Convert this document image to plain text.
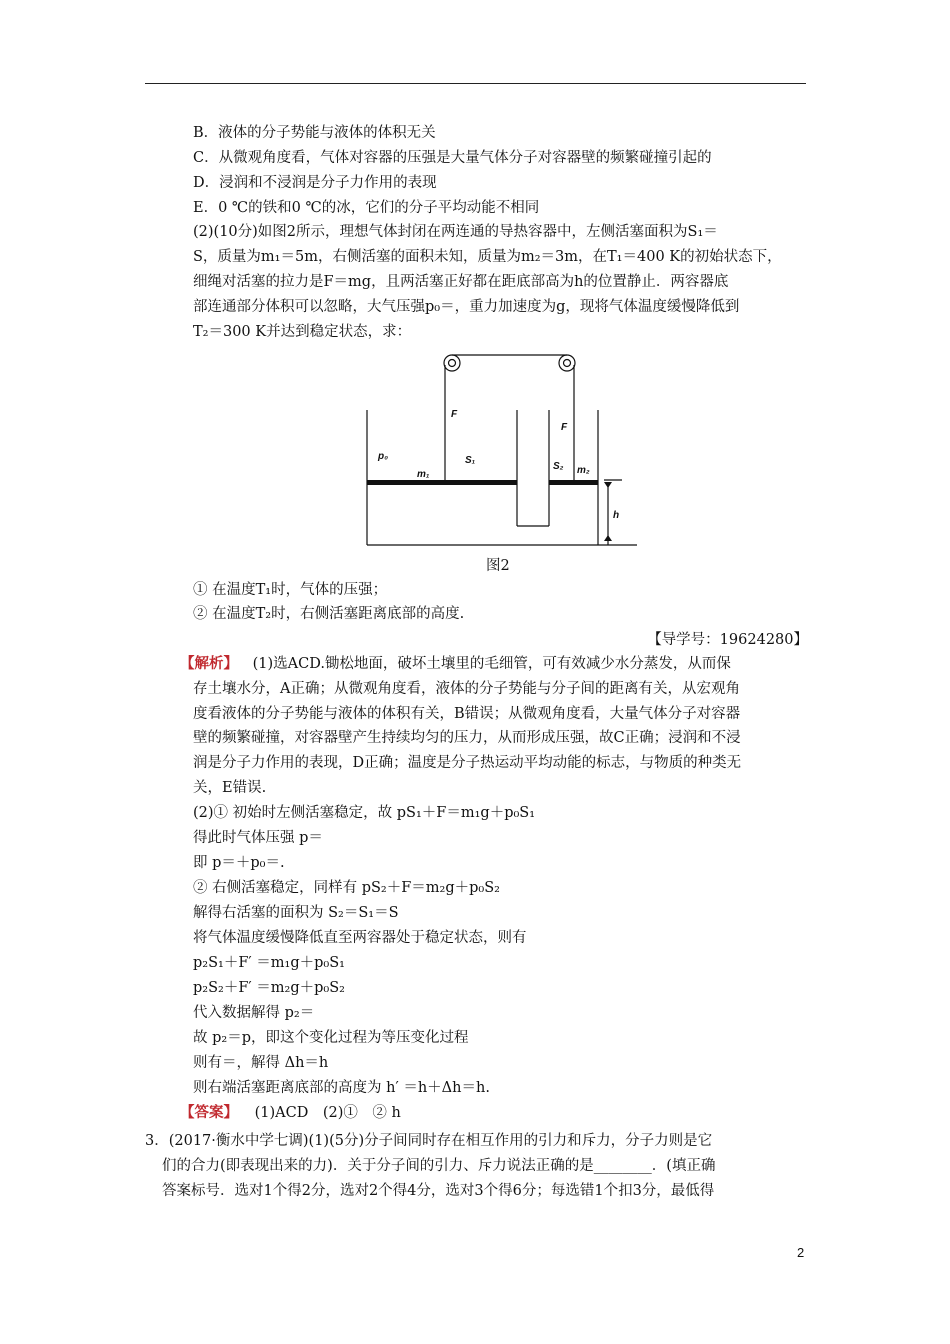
B．液体的分子势能与液体的体积无关
C．从微观角度看，气体对容器的压强是大量气体分子对容器壁的频繁碰撞引起的
D．浸润和不浸润是分子力作用的表现
E．0 ℃的铁和0 ℃的冰，它们的分子平均动能不相同
(2)(10分)如图2所示，理想气体封闭在两连通的导热容器中，左侧活塞面积为S₁＝
S，质量为m₁＝5m，右侧活塞的面积未知，质量为m₂＝3m，在T₁＝400 K的初始状态下，
细绳对活塞的拉力是F＝mg，且两活塞正好都在距底部高为h的位置静止．两容器底
部连通部分体积可以忽略，大气压强p₀＝，重力加速度为g，现将气体温度缓慢降低到
T₂＝300 K并达到稳定状态，求：
F
F
p₀
m₁
S₁
S₂ m₂
h
图2
① 在温度T₁时，气体的压强；
② 在温度T₂时，右侧活塞距离底部的高度.
【导学号：19624280】
【解析】 (1)选ACD.锄松地面，破坏土壤里的毛细管，可有效减少水分蒸发，从而保
存土壤水分，A正确；从微观角度看，液体的分子势能与分子间的距离有关，从宏观角
度看液体的分子势能与液体的体积有关，B错误；从微观角度看，大量气体分子对容器
壁的频繁碰撞，对容器壁产生持续均匀的压力，从而形成压强，故C正确；浸润和不浸
润是分子力作用的表现，D正确；温度是分子热运动平均动能的标志，与物质的种类无
关，E错误.
(2)① 初始时左侧活塞稳定，故 pS₁＋F＝m₁g＋p₀S₁
得此时气体压强 p＝
即 p＝＋p₀＝.
② 右侧活塞稳定，同样有 pS₂＋F＝m₂g＋p₀S₂
解得右活塞的面积为 S₂＝S₁＝S
将气体温度缓慢降低直至两容器处于稳定状态，则有
p₂S₁＋F′ ＝m₁g＋p₀S₁
p₂S₂＋F′ ＝m₂g＋p₀S₂
代入数据解得 p₂＝
故 p₂＝p，即这个变化过程为等压变化过程
则有＝，解得 Δh＝h
则右端活塞距离底部的高度为 h′ ＝h＋Δh＝h.
【答案】 (1)ACD　(2)①　② h
3．(2017·衡水中学七调)(1)(5分)分子间同时存在相互作用的引力和斥力，分子力则是它
们的合力(即表现出来的力)．关于分子间的引力、斥力说法正确的是________．(填正确
答案标号．选对1个得2分，选对2个得4分，选对3个得6分；每选错1个扣3分，最低得
2
